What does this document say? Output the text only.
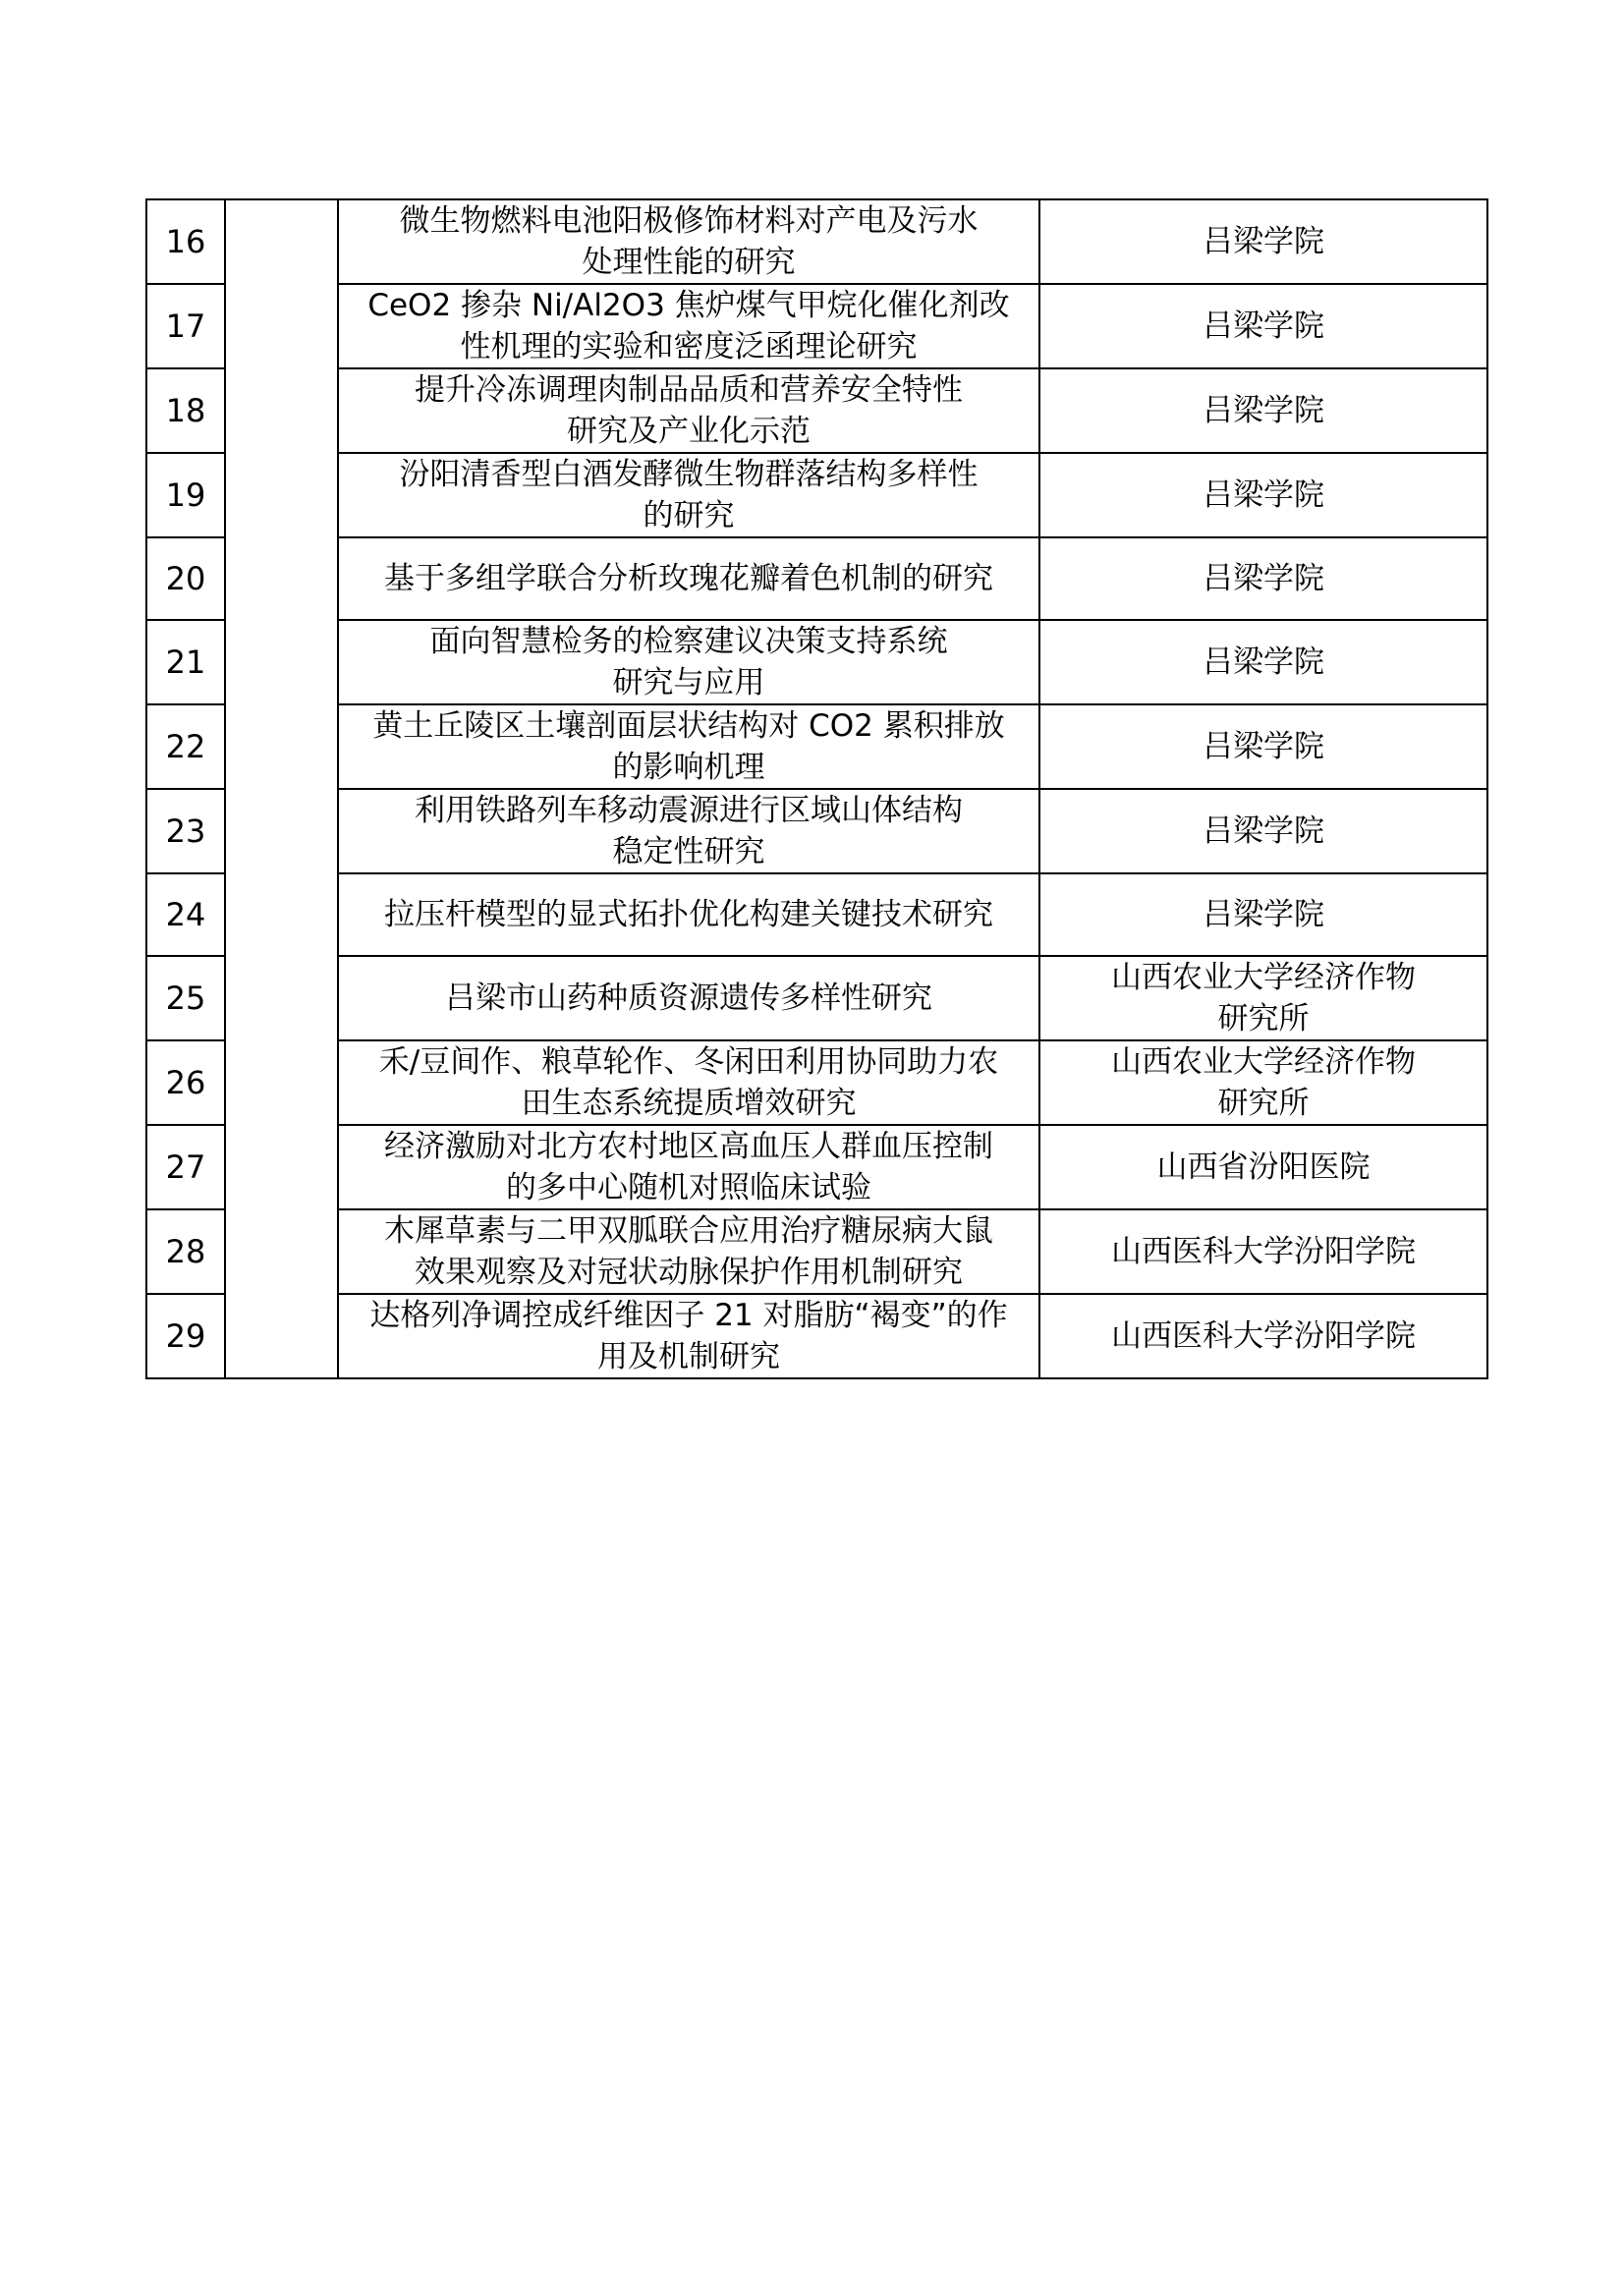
16		微生物燃料电池阳极修饰材料对产电及污水
处理性能的研究	吕梁学院
17		CeO2 掺杂 Ni/Al2O3 焦炉煤气甲烷化催化剂改
性机理的实验和密度泛函理论研究	吕梁学院
18		提升冷冻调理肉制品品质和营养安全特性
研究及产业化示范	吕梁学院
19		汾阳清香型白酒发酵微生物群落结构多样性
的研究	吕梁学院
20		基于多组学联合分析玫瑰花瓣着色机制的研究	吕梁学院
21		面向智慧检务的检察建议决策支持系统
研究与应用	吕梁学院
22		黄土丘陵区土壤剖面层状结构对 CO2 累积排放
的影响机理	吕梁学院
23		利用铁路列车移动震源进行区域山体结构
稳定性研究	吕梁学院
24		拉压杆模型的显式拓扑优化构建关键技术研究	吕梁学院
25		吕梁市山药种质资源遗传多样性研究	山西农业大学经济作物
研究所
26		禾/豆间作、粮草轮作、冬闲田利用协同助力农
田生态系统提质增效研究	山西农业大学经济作物
研究所
27		经济激励对北方农村地区高血压人群血压控制
的多中心随机对照临床试验	山西省汾阳医院
28		木犀草素与二甲双胍联合应用治疗糖尿病大鼠
效果观察及对冠状动脉保护作用机制研究	山西医科大学汾阳学院
29		达格列净调控成纤维因子 21 对脂肪“褐变”的作
用及机制研究	山西医科大学汾阳学院
